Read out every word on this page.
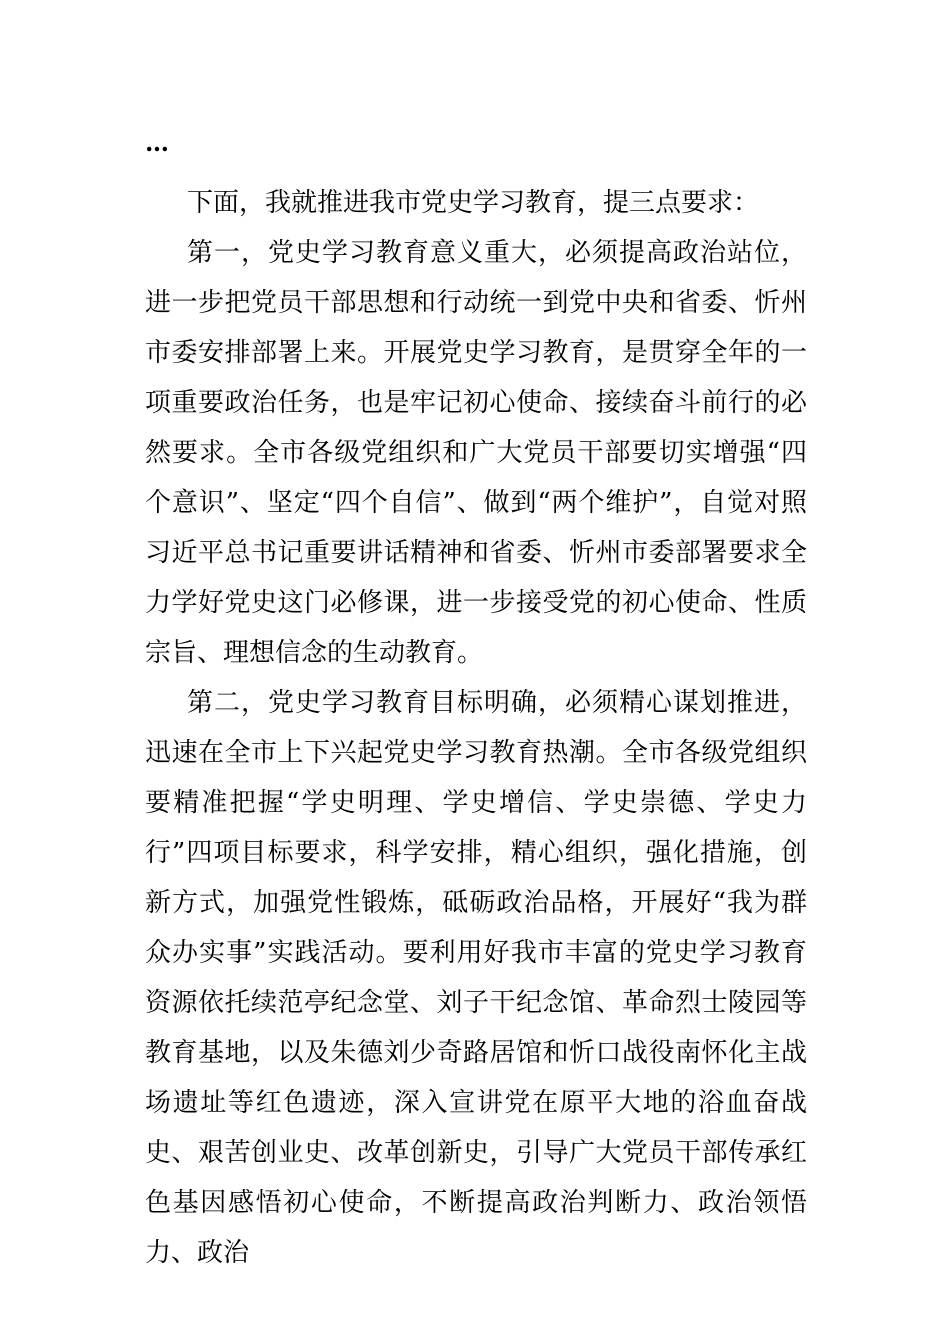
…

下面，我就推进我市党史学习教育，提三点要求：

第一，党史学习教育意义重大，必须提高政治站位，进一步把党员干部思想和行动统一到党中央和省委、忻州市委安排部署上来。开展党史学习教育，是贯穿全年的一项重要政治任务，也是牢记初心使命、接续奋斗前行的必然要求。全市各级党组织和广大党员干部要切实增强“四个意识”、坚定“四个自信”、做到“两个维护”，自觉对照习近平总书记重要讲话精神和省委、忻州市委部署要求全力学好党史这门必修课，进一步接受党的初心使命、性质宗旨、理想信念的生动教育。

第二，党史学习教育目标明确，必须精心谋划推进，迅速在全市上下兴起党史学习教育热潮。全市各级党组织要精准把握“学史明理、学史增信、学史崇德、学史力行”四项目标要求，科学安排，精心组织，强化措施，创新方式，加强党性锻炼，砥砺政治品格，开展好“我为群众办实事”实践活动。要利用好我市丰富的党史学习教育资源依托续范亭纪念堂、刘子干纪念馆、革命烈士陵园等教育基地，以及朱德刘少奇路居馆和忻口战役南怀化主战场遗址等红色遗迹，深入宣讲党在原平大地的浴血奋战史、艰苦创业史、改革创新史，引导广大党员干部传承红色基因感悟初心使命，不断提高政治判断力、政治领悟力、政治
